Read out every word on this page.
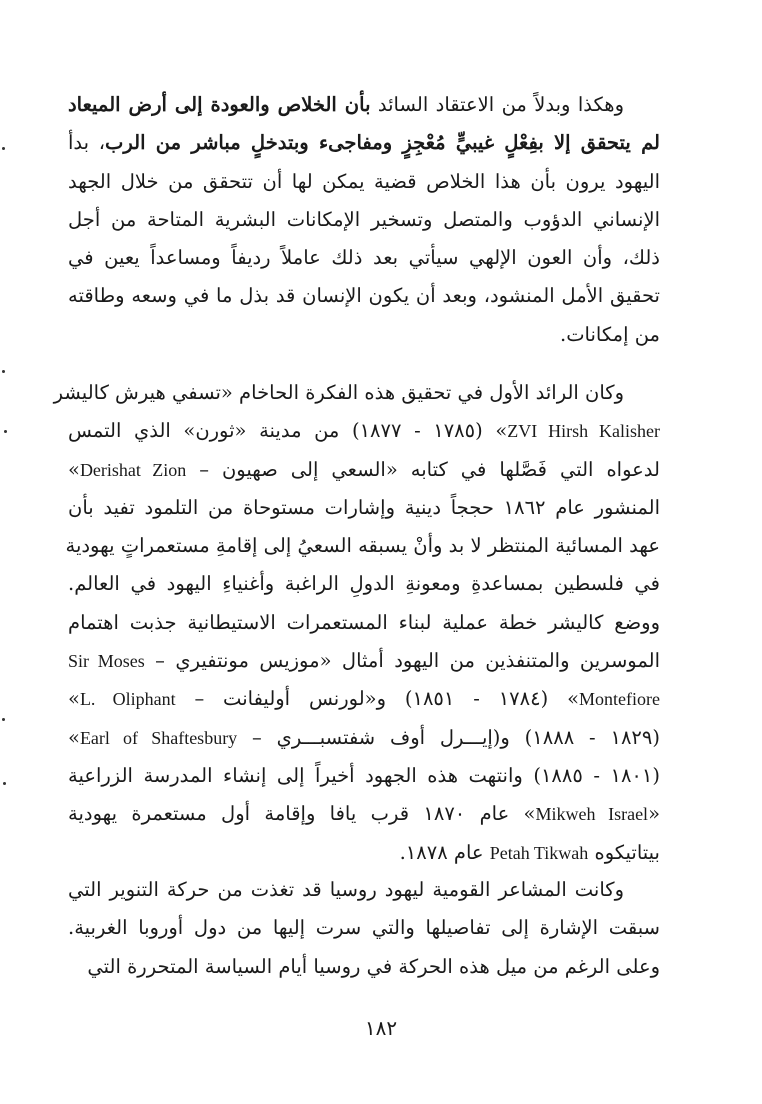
وهكذا وبدلاً من الاعتقاد السائد بأن الخلاص والعودة إلى أرض الميعاد
لم يتحقق إلا بفِعْلٍ غيبيٍّ مُعْجِزٍ ومفاجىء وبتدخلٍ مباشر من الرب، بدأ
اليهود يرون بأن هذا الخلاص قضية يمكن لها أن تتحقق من خلال الجهد
الإنساني الدؤوب والمتصل وتسخير الإمكانات البشرية المتاحة من أجل
ذلك، وأن العون الإلهي سيأتي بعد ذلك عاملاً رديفاً ومساعداً يعين في
تحقيق الأمل المنشود، وبعد أن يكون الإنسان قد بذل ما في وسعه وطاقته
من إمكانات.
وكان الرائد الأول في تحقيق هذه الفكرة الحاخام «تسفي هيرش كاليشر
ZVI Hirsh Kalisher» (١٧٨٥ - ١٨٧٧) من مدينة «ثورن» الذي التمس
لدعواه التي فَصَّلها في كتابه «السعي إلى صهيون – Derishat Zion»
المنشور عام ١٨٦٢ حججاً دينية وإشارات مستوحاة من التلمود تفيد بأن
عهد المسائية المنتظر لا بد وأنْ يسبقه السعيُ إلى إقامةِ مستعمراتٍ يهودية
في فلسطين بمساعدةِ ومعونةِ الدولِ الراغبة وأغنياءِ اليهود في العالم.
ووضع كاليشر خطة عملية لبناء المستعمرات الاستيطانية جذبت اهتمام
الموسرين والمتنفذين من اليهود أمثال «موزيس مونتفيري – Sir Moses
Montefiore» (١٧٨٤ - ١٨٥١) و«لورنس أوليفانت – L. Oliphant»
(١٨٢٩ - ١٨٨٨) و(إيـــرل أوف شفتسبـــري – Earl of Shaftesbury»
(١٨٠١ - ١٨٨٥) وانتهت هذه الجهود أخيراً إلى إنشاء المدرسة الزراعية
«Mikweh Israel» عام ١٨٧٠ قرب يافا وإقامة أول مستعمرة يهودية
بيتاتيكوه Petah Tikwah عام ١٨٧٨.
وكانت المشاعر القومية ليهود روسيا قد تغذت من حركة التنوير التي
سبقت الإشارة إلى تفاصيلها والتي سرت إليها من دول أوروبا الغربية.
وعلى الرغم من ميل هذه الحركة في روسيا أيام السياسة المتحررة التي
١٨٢
